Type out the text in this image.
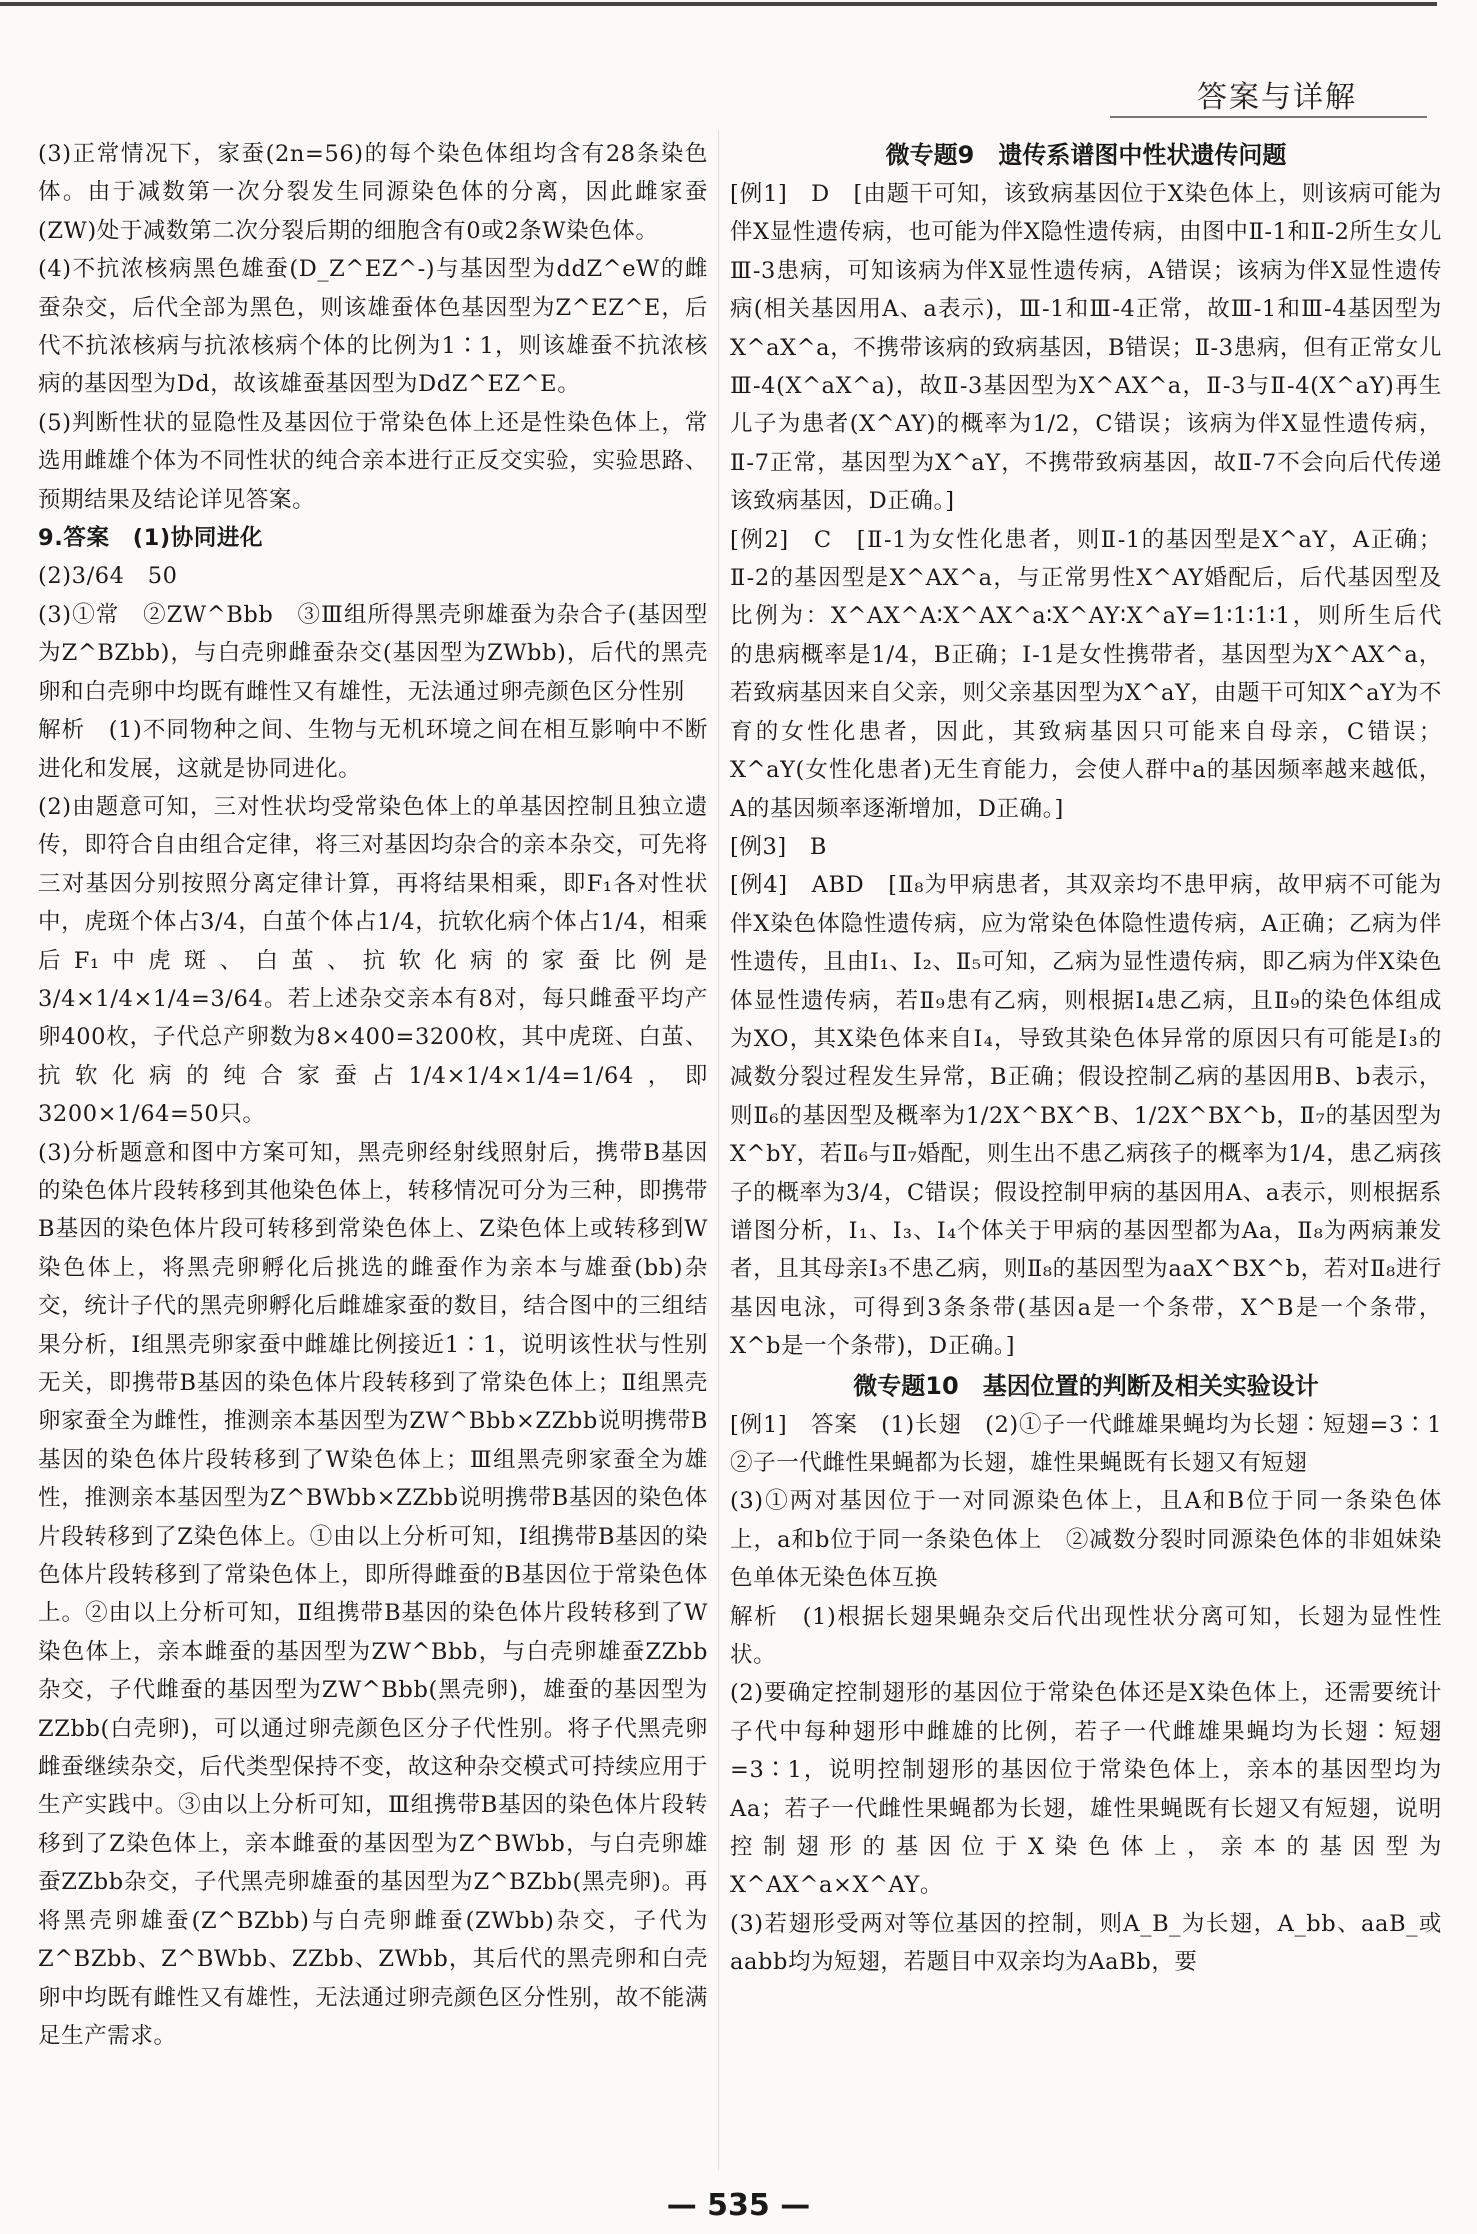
答案与详解

(3)正常情况下，家蚕(2n=56)的每个染色体组均含有28条染色体。由于减数第一次分裂发生同源染色体的分离，因此雌家蚕(ZW)处于减数第二次分裂后期的细胞含有0或2条W染色体。

(4)不抗浓核病黑色雄蚕(D_Z^EZ^-)与基因型为ddZ^eW的雌蚕杂交，后代全部为黑色，则该雄蚕体色基因型为Z^EZ^E，后代不抗浓核病与抗浓核病个体的比例为1∶1，则该雄蚕不抗浓核病的基因型为Dd，故该雄蚕基因型为DdZ^EZ^E。

(5)判断性状的显隐性及基因位于常染色体上还是性染色体上，常选用雌雄个体为不同性状的纯合亲本进行正反交实验，实验思路、预期结果及结论详见答案。

9.答案　(1)协同进化

(2)3/64　50

(3)①常　②ZW^Bbb　③Ⅲ组所得黑壳卵雄蚕为杂合子(基因型为Z^BZbb)，与白壳卵雌蚕杂交(基因型为ZWbb)，后代的黑壳卵和白壳卵中均既有雌性又有雄性，无法通过卵壳颜色区分性别

解析　(1)不同物种之间、生物与无机环境之间在相互影响中不断进化和发展，这就是协同进化。

(2)由题意可知，三对性状均受常染色体上的单基因控制且独立遗传，即符合自由组合定律，将三对基因均杂合的亲本杂交，可先将三对基因分别按照分离定律计算，再将结果相乘，即F₁各对性状中，虎斑个体占3/4，白茧个体占1/4，抗软化病个体占1/4，相乘后F₁中虎斑、白茧、抗软化病的家蚕比例是3/4×1/4×1/4=3/64。若上述杂交亲本有8对，每只雌蚕平均产卵400枚，子代总产卵数为8×400=3200枚，其中虎斑、白茧、抗软化病的纯合家蚕占1/4×1/4×1/4=1/64，即3200×1/64=50只。

(3)分析题意和图中方案可知，黑壳卵经射线照射后，携带B基因的染色体片段转移到其他染色体上，转移情况可分为三种，即携带B基因的染色体片段可转移到常染色体上、Z染色体上或转移到W染色体上，将黑壳卵孵化后挑选的雌蚕作为亲本与雄蚕(bb)杂交，统计子代的黑壳卵孵化后雌雄家蚕的数目，结合图中的三组结果分析，Ⅰ组黑壳卵家蚕中雌雄比例接近1∶1，说明该性状与性别无关，即携带B基因的染色体片段转移到了常染色体上；Ⅱ组黑壳卵家蚕全为雌性，推测亲本基因型为ZW^Bbb×ZZbb说明携带B基因的染色体片段转移到了W染色体上；Ⅲ组黑壳卵家蚕全为雄性，推测亲本基因型为Z^BWbb×ZZbb说明携带B基因的染色体片段转移到了Z染色体上。①由以上分析可知，Ⅰ组携带B基因的染色体片段转移到了常染色体上，即所得雌蚕的B基因位于常染色体上。②由以上分析可知，Ⅱ组携带B基因的染色体片段转移到了W染色体上，亲本雌蚕的基因型为ZW^Bbb，与白壳卵雄蚕ZZbb杂交，子代雌蚕的基因型为ZW^Bbb(黑壳卵)，雄蚕的基因型为ZZbb(白壳卵)，可以通过卵壳颜色区分子代性别。将子代黑壳卵雌蚕继续杂交，后代类型保持不变，故这种杂交模式可持续应用于生产实践中。③由以上分析可知，Ⅲ组携带B基因的染色体片段转移到了Z染色体上，亲本雌蚕的基因型为Z^BWbb，与白壳卵雄蚕ZZbb杂交，子代黑壳卵雄蚕的基因型为Z^BZbb(黑壳卵)。再将黑壳卵雄蚕(Z^BZbb)与白壳卵雌蚕(ZWbb)杂交，子代为Z^BZbb、Z^BWbb、ZZbb、ZWbb，其后代的黑壳卵和白壳卵中均既有雌性又有雄性，无法通过卵壳颜色区分性别，故不能满足生产需求。

微专题9　遗传系谱图中性状遗传问题

[例1]　D　[由题干可知，该致病基因位于X染色体上，则该病可能为伴X显性遗传病，也可能为伴X隐性遗传病，由图中Ⅱ-1和Ⅱ-2所生女儿Ⅲ-3患病，可知该病为伴X显性遗传病，A错误；该病为伴X显性遗传病(相关基因用A、a表示)，Ⅲ-1和Ⅲ-4正常，故Ⅲ-1和Ⅲ-4基因型为X^aX^a，不携带该病的致病基因，B错误；Ⅱ-3患病，但有正常女儿Ⅲ-4(X^aX^a)，故Ⅱ-3基因型为X^AX^a，Ⅱ-3与Ⅱ-4(X^aY)再生儿子为患者(X^AY)的概率为1/2，C错误；该病为伴X显性遗传病，Ⅱ-7正常，基因型为X^aY，不携带致病基因，故Ⅱ-7不会向后代传递该致病基因，D正确。]

[例2]　C　[Ⅱ-1为女性化患者，则Ⅱ-1的基因型是X^aY，A正确；Ⅱ-2的基因型是X^AX^a，与正常男性X^AY婚配后，后代基因型及比例为：X^AX^A∶X^AX^a∶X^AY∶X^aY=1∶1∶1∶1，则所生后代的患病概率是1/4，B正确；Ⅰ-1是女性携带者，基因型为X^AX^a，若致病基因来自父亲，则父亲基因型为X^aY，由题干可知X^aY为不育的女性化患者，因此，其致病基因只可能来自母亲，C错误；X^aY(女性化患者)无生育能力，会使人群中a的基因频率越来越低，A的基因频率逐渐增加，D正确。]

[例3]　B

[例4]　ABD　[Ⅱ₈为甲病患者，其双亲均不患甲病，故甲病不可能为伴X染色体隐性遗传病，应为常染色体隐性遗传病，A正确；乙病为伴性遗传，且由Ⅰ₁、Ⅰ₂、Ⅱ₅可知，乙病为显性遗传病，即乙病为伴X染色体显性遗传病，若Ⅱ₉患有乙病，则根据Ⅰ₄患乙病，且Ⅱ₉的染色体组成为XO，其X染色体来自Ⅰ₄，导致其染色体异常的原因只有可能是Ⅰ₃的减数分裂过程发生异常，B正确；假设控制乙病的基因用B、b表示，则Ⅱ₆的基因型及概率为1/2X^BX^B、1/2X^BX^b，Ⅱ₇的基因型为X^bY，若Ⅱ₆与Ⅱ₇婚配，则生出不患乙病孩子的概率为1/4，患乙病孩子的概率为3/4，C错误；假设控制甲病的基因用A、a表示，则根据系谱图分析，Ⅰ₁、Ⅰ₃、Ⅰ₄个体关于甲病的基因型都为Aa，Ⅱ₈为两病兼发者，且其母亲Ⅰ₃不患乙病，则Ⅱ₈的基因型为aaX^BX^b，若对Ⅱ₈进行基因电泳，可得到3条条带(基因a是一个条带，X^B是一个条带，X^b是一个条带)，D正确。]

微专题10　基因位置的判断及相关实验设计

[例1]　答案　(1)长翅　(2)①子一代雌雄果蝇均为长翅∶短翅=3∶1　②子一代雌性果蝇都为长翅，雄性果蝇既有长翅又有短翅

(3)①两对基因位于一对同源染色体上，且A和B位于同一条染色体上，a和b位于同一条染色体上　②减数分裂时同源染色体的非姐妹染色单体无染色体互换

解析　(1)根据长翅果蝇杂交后代出现性状分离可知，长翅为显性性状。

(2)要确定控制翅形的基因位于常染色体还是X染色体上，还需要统计子代中每种翅形中雌雄的比例，若子一代雌雄果蝇均为长翅∶短翅=3∶1，说明控制翅形的基因位于常染色体上，亲本的基因型均为Aa；若子一代雌性果蝇都为长翅，雄性果蝇既有长翅又有短翅，说明控制翅形的基因位于X染色体上，亲本的基因型为X^AX^a×X^AY。

(3)若翅形受两对等位基因的控制，则A_B_为长翅，A_bb、aaB_或aabb均为短翅，若题目中双亲均为AaBb，要

— 535 —
